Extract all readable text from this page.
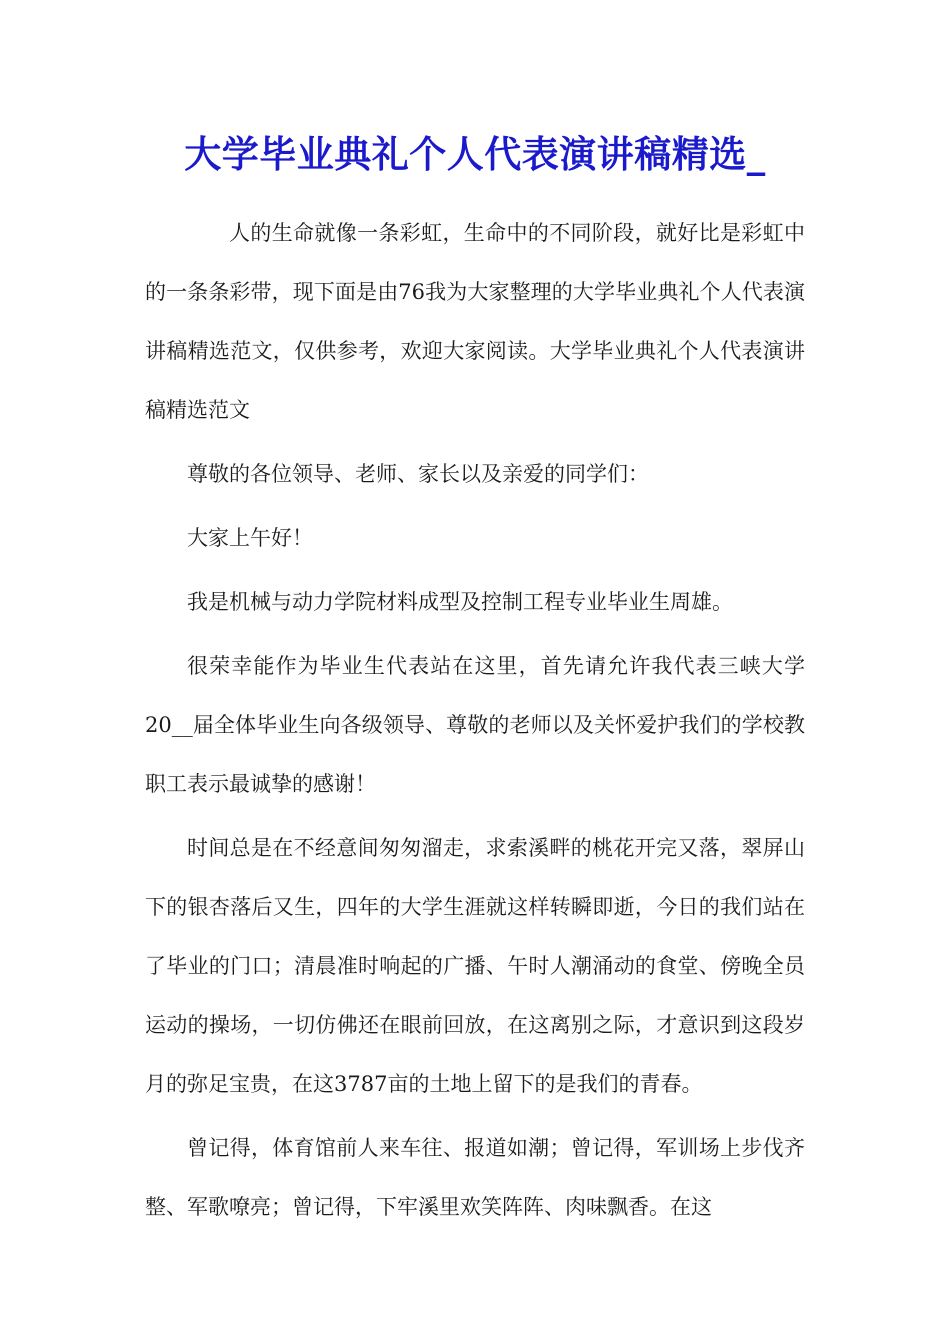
大学毕业典礼个人代表演讲稿精选_

人的生命就像一条彩虹，生命中的不同阶段，就好比是彩虹中的一条条彩带，现下面是由76我为大家整理的大学毕业典礼个人代表演讲稿精选范文，仅供参考，欢迎大家阅读。大学毕业典礼个人代表演讲稿精选范文

尊敬的各位领导、老师、家长以及亲爱的同学们：

大家上午好！

我是机械与动力学院材料成型及控制工程专业毕业生周雄。

很荣幸能作为毕业生代表站在这里，首先请允许我代表三峡大学20__届全体毕业生向各级领导、尊敬的老师以及关怀爱护我们的学校教职工表示最诚挚的感谢！

时间总是在不经意间匆匆溜走，求索溪畔的桃花开完又落，翠屏山下的银杏落后又生，四年的大学生涯就这样转瞬即逝，今日的我们站在了毕业的门口；清晨准时响起的广播、午时人潮涌动的食堂、傍晚全员运动的操场，一切仿佛还在眼前回放，在这离别之际，才意识到这段岁月的弥足宝贵，在这3787亩的土地上留下的是我们的青春。

曾记得，体育馆前人来车往、报道如潮；曾记得，军训场上步伐齐整、军歌嘹亮；曾记得，下牢溪里欢笑阵阵、肉味飘香。在这
